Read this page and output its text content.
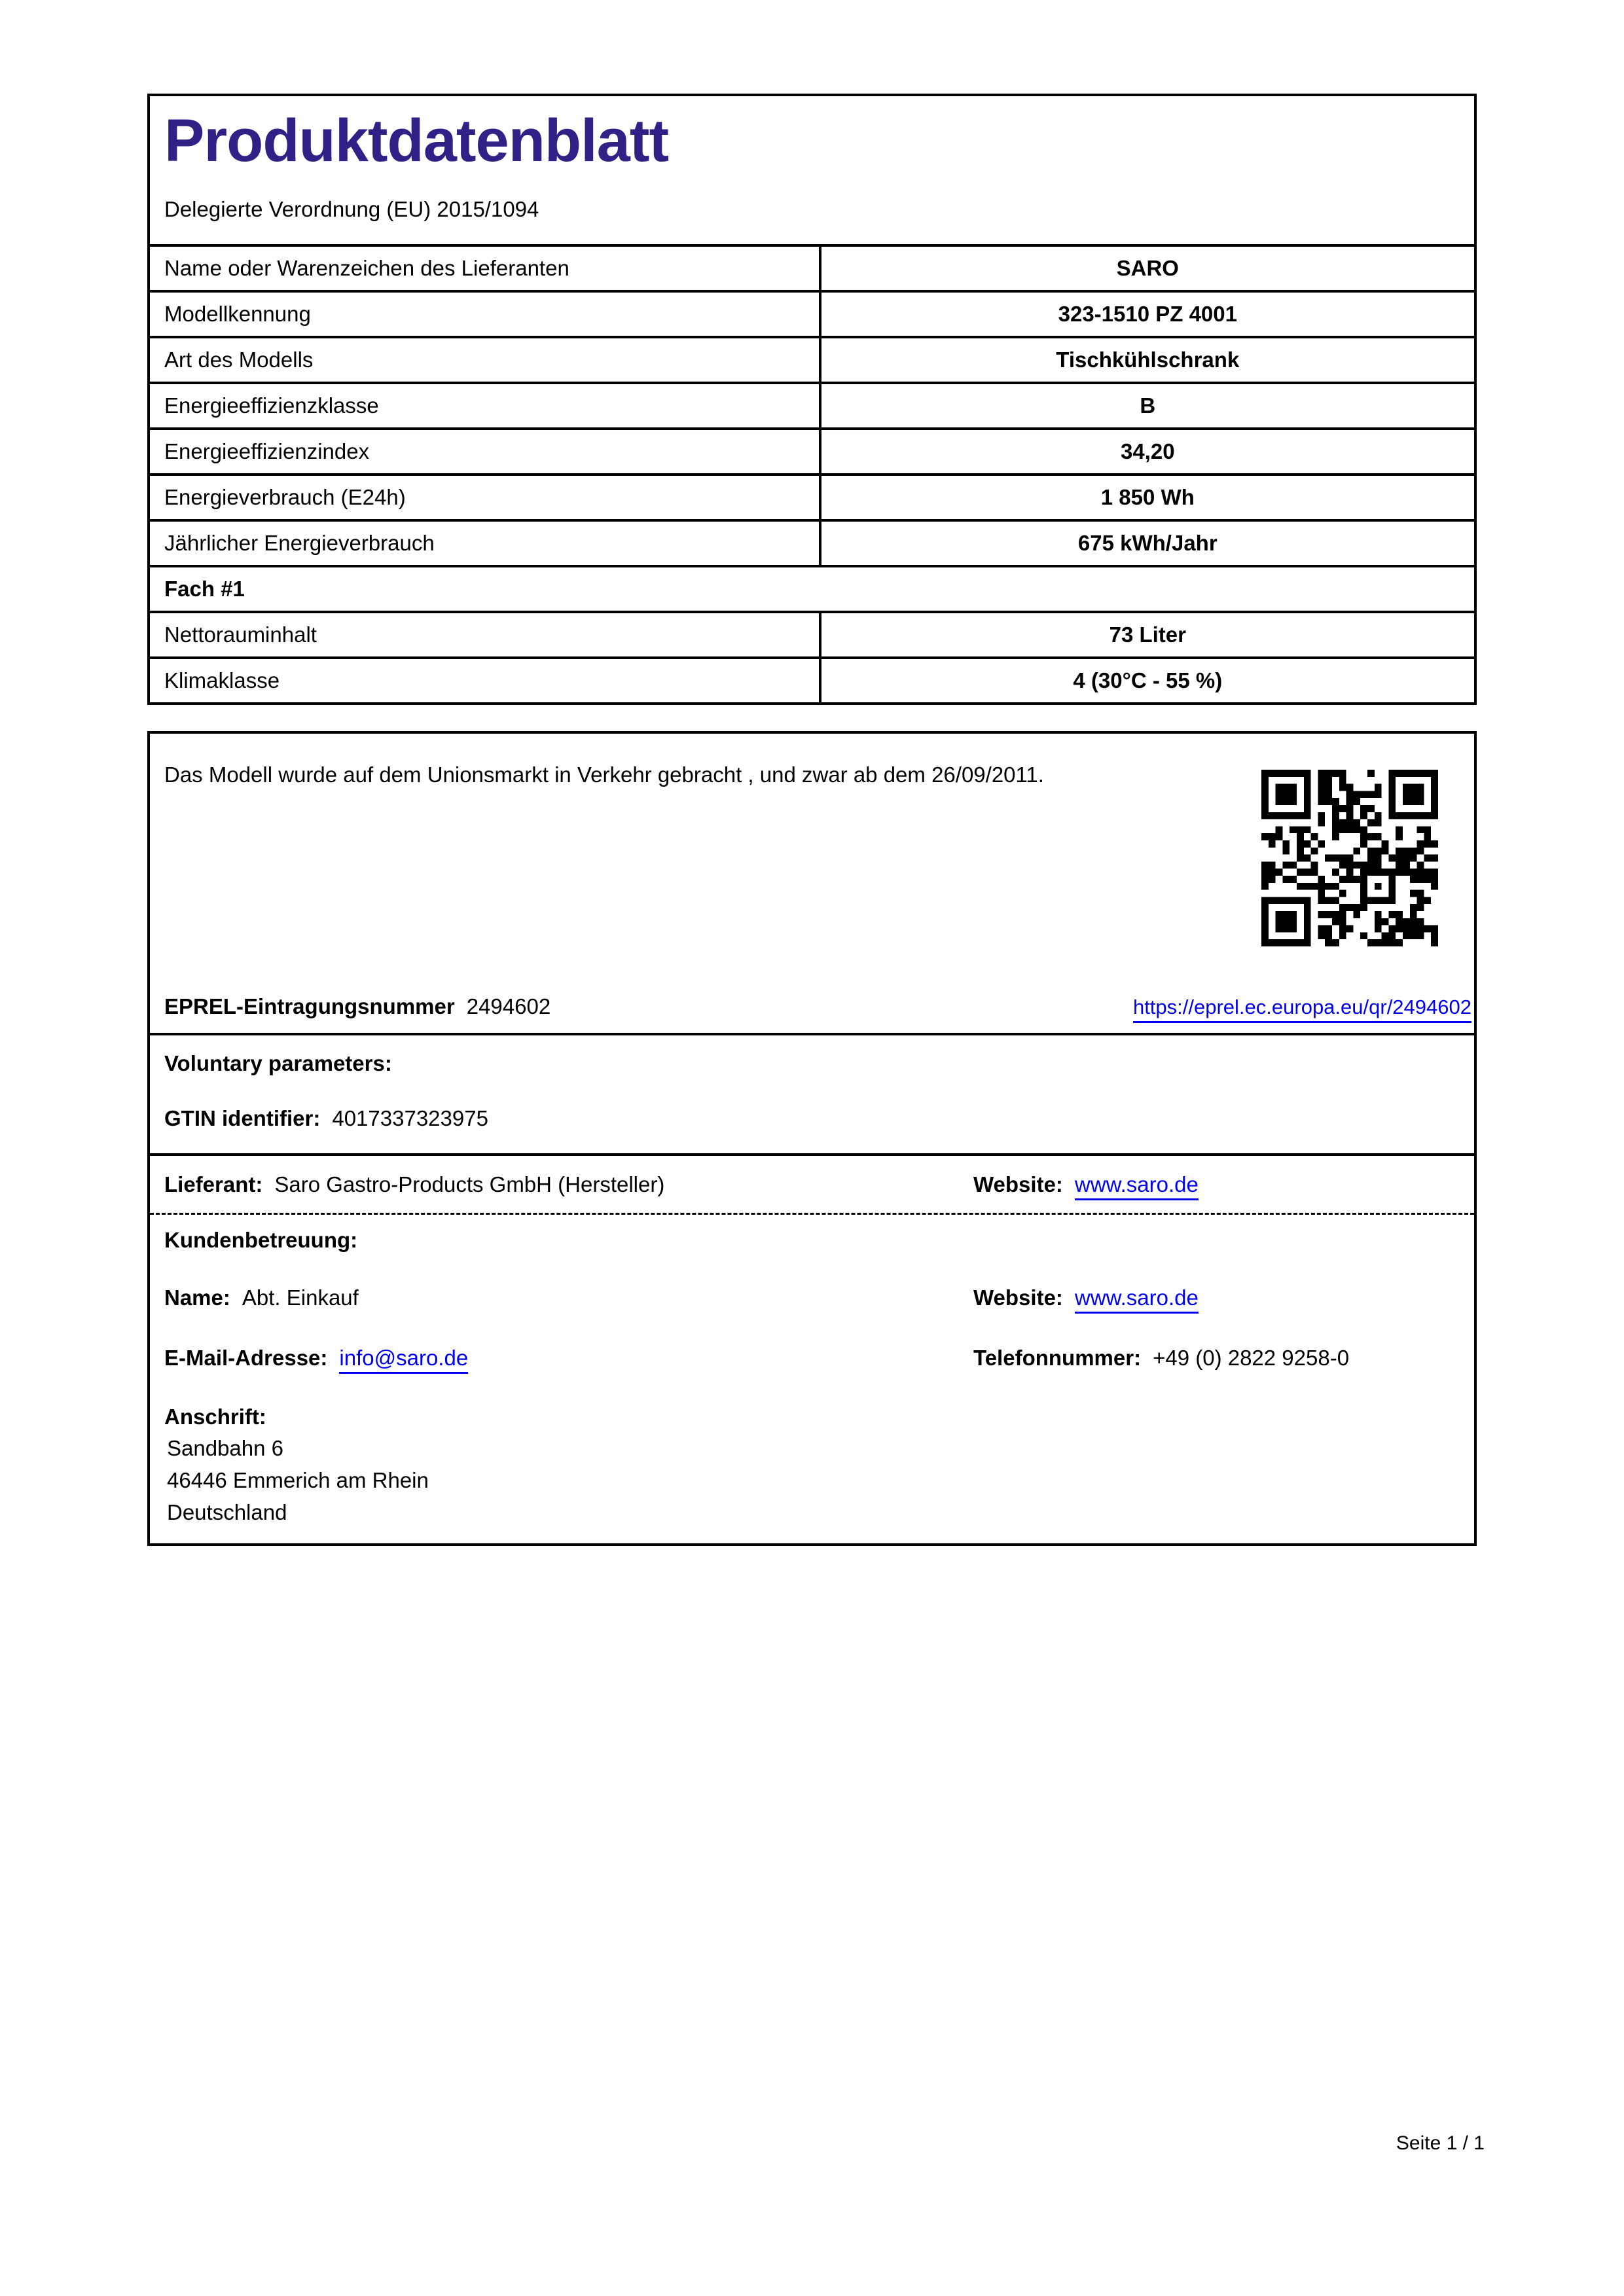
Produktdatenblatt
Delegierte Verordnung (EU) 2015/1094
Name oder Warenzeichen des Lieferanten	SARO
Modellkennung	323-1510 PZ 4001
Art des Modells	Tischkühlschrank
Energieeffizienzklasse	B
Energieeffizienzindex	34,20
Energieverbrauch (E24h)	1 850 Wh
Jährlicher Energieverbrauch	675 kWh/Jahr
Fach #1
Nettorauminhalt	73 Liter
Klimaklasse	4 (30°C - 55 %)
Das Modell wurde auf dem Unionsmarkt in Verkehr gebracht , und zwar ab dem 26/09/2011.
EPREL-Eintragungsnummer 2494602	https://eprel.ec.europa.eu/qr/2494602
Voluntary parameters:
GTIN identifier: 4017337323975
Lieferant: Saro Gastro-Products GmbH (Hersteller)	Website: www.saro.de
Kundenbetreuung:
Name: Abt. Einkauf	Website: www.saro.de
E-Mail-Adresse: info@saro.de	Telefonnummer: +49 (0) 2822 9258-0
Anschrift:
Sandbahn 6
46446 Emmerich am Rhein
Deutschland
Seite 1 / 1
